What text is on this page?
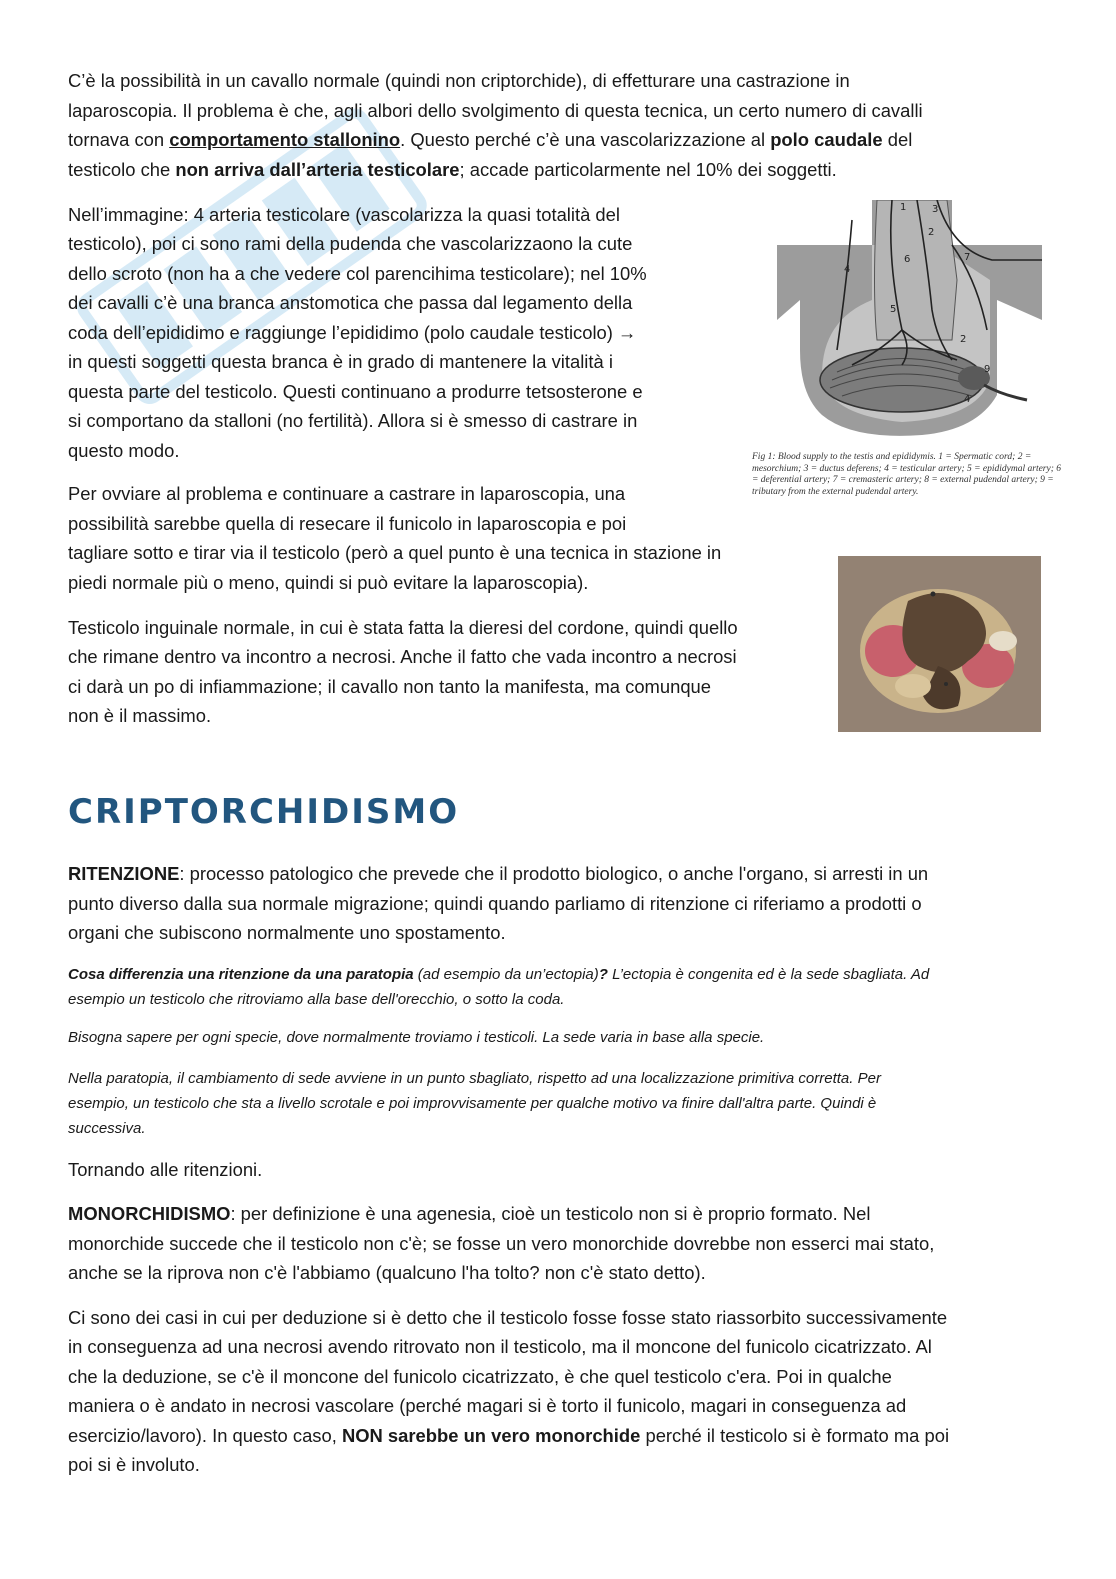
C’è la possibilità in un cavallo normale (quindi non criptorchide), di effetturare una castrazione in
laparoscopia. Il problema è che, agli albori dello svolgimento di questa tecnica, un certo numero di cavalli
tornava con comportamento stallonino. Questo perché c’è una vascolarizzazione al polo caudale del
testicolo che non arriva dall’arteria testicolare; accade particolarmente nel 10% dei soggetti.
Nell’immagine: 4 arteria testicolare (vascolarizza la quasi totalità del
testicolo), poi ci sono rami della pudenda che vascolarizzaono la cute
dello scroto (non ha a che vedere col parencihima testicolare); nel 10%
dei cavalli c’è una branca anstomotica che passa dal legamento della
coda dell’epididimo e raggiunge l’epididimo (polo caudale testicolo) →
in questi soggetti questa branca è in grado di mantenere la vitalità i
questa parte del testicolo. Questi continuano a produrre tetsosterone e
si comportano da stalloni (no fertilità). Allora si è smesso di castrare in
questo modo.
1	3
2
4
6	7
5
2
9
4

Fig 1: Blood supply to the testis and epididymis. 1 = Spermatic cord; 2 = mesorchium; 3 = ductus deferens; 4 = testicular artery; 5 = epididymal artery; 6 = deferential artery; 7 = cremasteric artery; 8 = external pudendal artery; 9 = tributary from the external pudendal artery.

Per ovviare al problema e continuare a castrare in laparoscopia, una
possibilità sarebbe quella di resecare il funicolo in laparoscopia e poi
tagliare sotto e tirar via il testicolo (però a quel punto è una tecnica in stazione in
piedi normale più o meno, quindi si può evitare la laparoscopia).
Testicolo inguinale normale, in cui è stata fatta la dieresi del cordone, quindi quello
che rimane dentro va incontro a necrosi. Anche il fatto che vada incontro a necrosi
ci darà un po di infiammazione; il cavallo non tanto la manifesta, ma comunque
non è il massimo.
CRIPTORCHIDISMO
RITENZIONE: processo patologico che prevede che il prodotto biologico, o anche l'organo, si arresti in un
punto diverso dalla sua normale migrazione; quindi quando parliamo di ritenzione ci riferiamo a prodotti o
organi che subiscono normalmente uno spostamento.
Cosa differenzia una ritenzione da una paratopia (ad esempio da un’ectopia)? L’ectopia è congenita ed è la sede sbagliata. Ad
esempio un testicolo che ritroviamo alla base dell'orecchio, o sotto la coda.
Bisogna sapere per ogni specie, dove normalmente troviamo i testicoli. La sede varia in base alla specie.
Nella paratopia, il cambiamento di sede avviene in un punto sbagliato, rispetto ad una localizzazione primitiva corretta. Per
esempio, un testicolo che sta a livello scrotale e poi improvvisamente per qualche motivo va finire dall'altra parte. Quindi è
successiva.
Tornando alle ritenzioni.
MONORCHIDISMO: per definizione è una agenesia, cioè un testicolo non si è proprio formato. Nel
monorchide succede che il testicolo non c'è; se fosse un vero monorchide dovrebbe non esserci mai stato,
anche se la riprova non c'è l'abbiamo (qualcuno l'ha tolto? non c'è stato detto).
Ci sono dei casi in cui per deduzione si è detto che il testicolo fosse fosse stato riassorbito successivamente
in conseguenza ad una necrosi avendo ritrovato non il testicolo, ma il moncone del funicolo cicatrizzato. Al
che la deduzione, se c'è il moncone del funicolo cicatrizzato, è che quel testicolo c'era. Poi in qualche
maniera o è andato in necrosi vascolare (perché magari si è torto il funicolo, magari in conseguenza ad
esercizio/lavoro). In questo caso, NON sarebbe un vero monorchide perché il testicolo si è formato ma poi
poi si è involuto.
